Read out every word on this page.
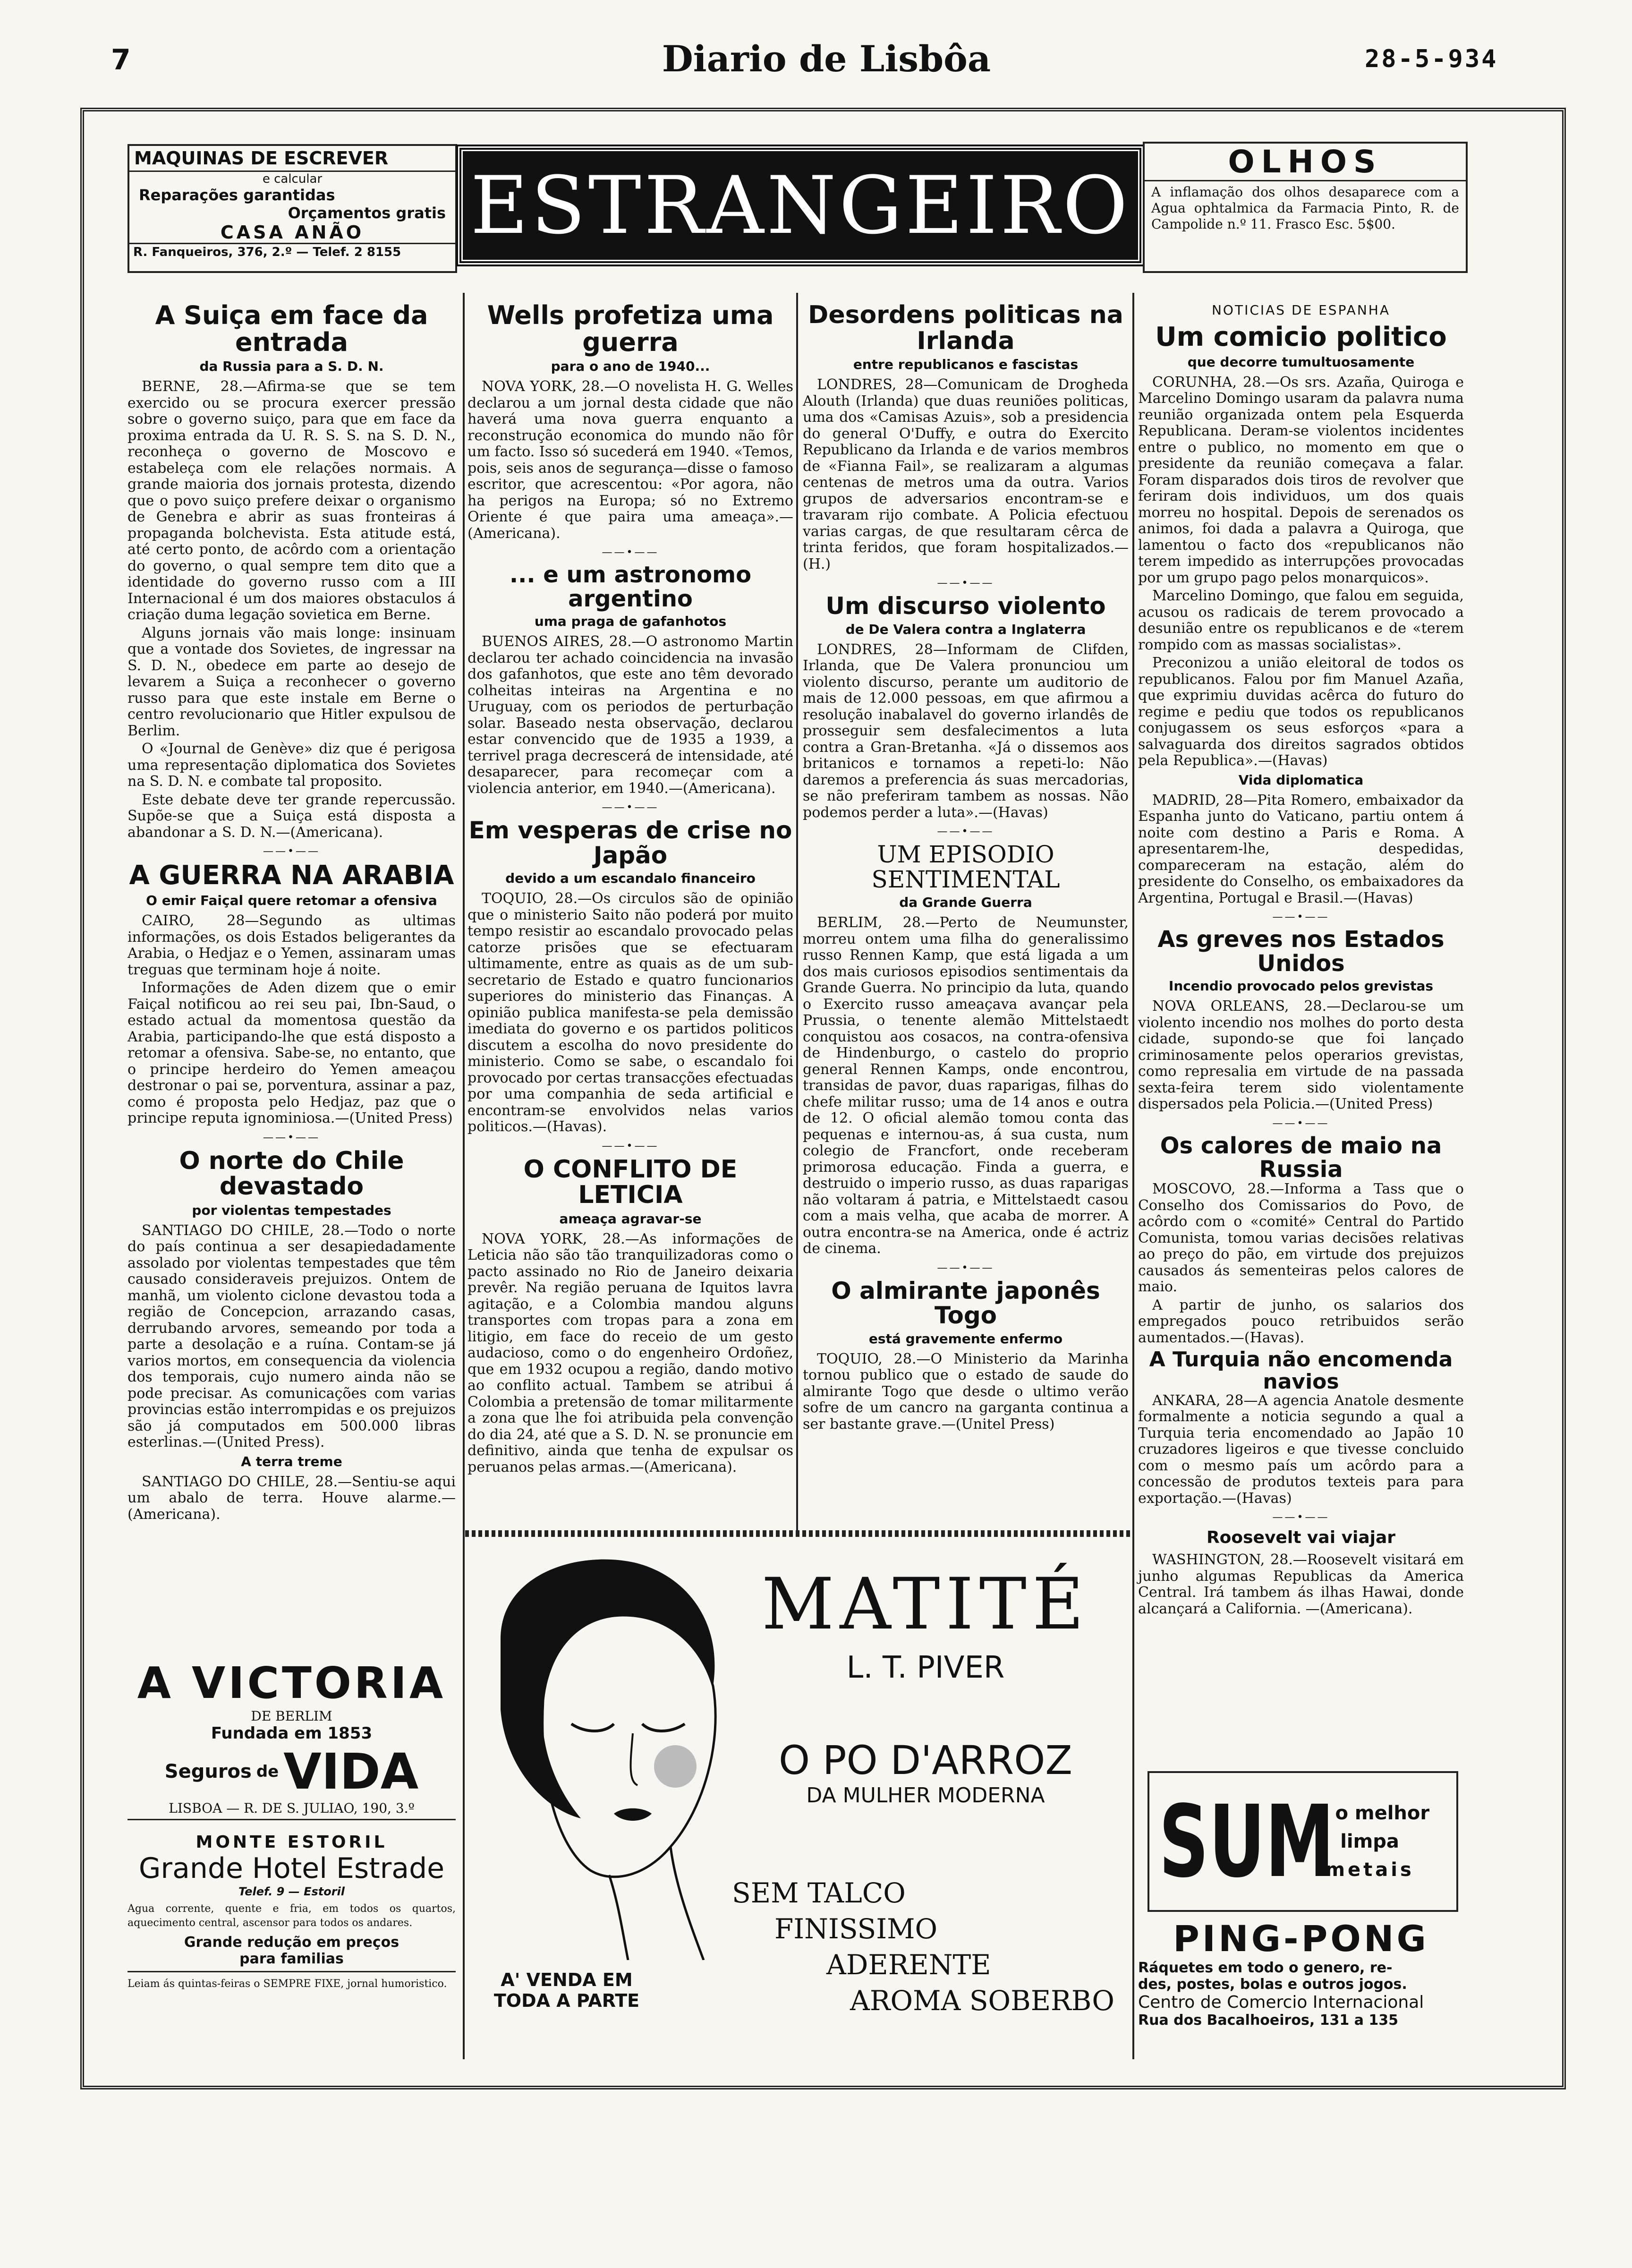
7	Diario de Lisbôa	28-5-934
MAQUINAS DE ESCREVER
e calcular
Reparações garantidas
Orçamentos gratis
CASA ANÃO
R. Fanqueiros, 376, 2.º — Telef. 2 8155
ESTRANGEIRO	OLHOS
A inflamação dos olhos desaparece com a Agua ophtalmica da Farmacia Pinto, R. de Campolide n.º 11. Frasco Esc. 5$00.
A Suiça em face da entrada
da Russia para a S. D. N.

BERNE, 28.—Afirma-se que se tem exercido ou se procura exercer pressão sobre o governo suiço, para que em face da proxima entrada da U. R. S. S. na S. D. N., reconheça o governo de Moscovo e estabeleça com ele relações normais. A grande maioria dos jornais protesta, dizendo que o povo suiço prefere deixar o organismo de Genebra e abrir as suas fronteiras á propaganda bolchevista. Esta atitude está, até certo ponto, de acôrdo com a orientação do governo, o qual sempre tem dito que a identidade do governo russo com a III Internacional é um dos maiores obstaculos á criação duma legação sovietica em Berne.

Alguns jornais vão mais longe: insinuam que a vontade dos Sovietes, de ingressar na S. D. N., obedece em parte ao desejo de levarem a Suiça a reconhecer o governo russo para que este instale em Berne o centro revolucionario que Hitler expulsou de Berlim.

O «Journal de Genève» diz que é perigosa uma representação diplomatica dos Sovietes na S. D. N. e combate tal proposito.

Este debate deve ter grande repercussão. Supõe-se que a Suiça está disposta a abandonar a S. D. N.—(Americana).

——•——
A GUERRA NA ARABIA
O emir Faiçal quere retomar a ofensiva

CAIRO, 28—Segundo as ultimas informações, os dois Estados beligerantes da Arabia, o Hedjaz e o Yemen, assinaram umas treguas que terminam hoje á noite.

Informações de Aden dizem que o emir Faiçal notificou ao rei seu pai, Ibn-Saud, o estado actual da momentosa questão da Arabia, participando-lhe que está disposto a retomar a ofensiva. Sabe-se, no entanto, que o principe herdeiro do Yemen ameaçou destronar o pai se, porventura, assinar a paz, como é proposta pelo Hedjaz, paz que o principe reputa ignominiosa.—(United Press)

——•——
O norte do Chile devastado
por violentas tempestades

SANTIAGO DO CHILE, 28.—Todo o norte do país continua a ser desapiedadamente assolado por violentas tempestades que têm causado consideraveis prejuizos. Ontem de manhã, um violento ciclone devastou toda a região de Concepcion, arrazando casas, derrubando arvores, semeando por toda a parte a desolação e a ruína. Contam-se já varios mortos, em consequencia da violencia dos temporais, cujo numero ainda não se pode precisar. As comunicações com varias provincias estão interrompidas e os prejuizos são já computados em 500.000 libras esterlinas.—(United Press).

A terra treme

SANTIAGO DO CHILE, 28.—Sentiu-se aqui um abalo de terra. Houve alarme.—(Americana).

A VICTORIA
DE BERLIM
Fundada em 1853
Seguros de VIDA
LISBOA — R. DE S. JULIAO, 190, 3.º
MONTE ESTORIL
Grande Hotel Estrade
Telef. 9 — Estoril
Agua corrente, quente e fria, em todos os quartos, aquecimento central, ascensor para todos os andares.
Grande redução em preços
para familias
Leiam ás quintas-feiras o SEMPRE FIXE, jornal humoristico.
Wells profetiza uma guerra
para o ano de 1940...

NOVA YORK, 28.—O novelista H. G. Welles declarou a um jornal desta cidade que não haverá uma nova guerra enquanto a reconstrução economica do mundo não fôr um facto. Isso só sucederá em 1940. «Temos, pois, seis anos de segurança—disse o famoso escritor, que acrescentou: «Por agora, não ha perigos na Europa; só no Extremo Oriente é que paira uma ameaça».—(Americana).

——•——
... e um astronomo argentino
uma praga de gafanhotos

BUENOS AIRES, 28.—O astronomo Martin declarou ter achado coincidencia na invasão dos gafanhotos, que este ano têm devorado colheitas inteiras na Argentina e no Uruguay, com os periodos de perturbação solar. Baseado nesta observação, declarou estar convencido que de 1935 a 1939, a terrivel praga decrescerá de intensidade, até desaparecer, para recomeçar com a violencia anterior, em 1940.—(Americana).

——•——
Em vesperas de crise no Japão
devido a um escandalo financeiro

TOQUIO, 28.—Os circulos são de opinião que o ministerio Saito não poderá por muito tempo resistir ao escandalo provocado pelas catorze prisões que se efectuaram ultimamente, entre as quais as de um sub-secretario de Estado e quatro funcionarios superiores do ministerio das Finanças. A opinião publica manifesta-se pela demissão imediata do governo e os partidos politicos discutem a escolha do novo presidente do ministerio. Como se sabe, o escandalo foi provocado por certas transacções efectuadas por uma companhia de seda artificial e encontram-se envolvidos nelas varios politicos.—(Havas).

——•——
O CONFLITO DE LETICIA
ameaça agravar-se

NOVA YORK, 28.—As informações de Leticia não são tão tranquilizadoras como o pacto assinado no Rio de Janeiro deixaria prevêr. Na região peruana de Iquitos lavra agitação, e a Colombia mandou alguns transportes com tropas para a zona em litigio, em face do receio de um gesto audacioso, como o do engenheiro Ordoñez, que em 1932 ocupou a região, dando motivo ao conflito actual. Tambem se atribui á Colombia a pretensão de tomar militarmente a zona que lhe foi atribuida pela convenção do dia 24, até que a S. D. N. se pronuncie em definitivo, ainda que tenha de expulsar os peruanos pelas armas.—(Americana).

Desordens politicas na Irlanda
entre republicanos e fascistas

LONDRES, 28—Comunicam de Drogheda Alouth (Irlanda) que duas reuniões politicas, uma dos «Camisas Azuis», sob a presidencia do general O'Duffy, e outra do Exercito Republicano da Irlanda e de varios membros de «Fianna Fail», se realizaram a algumas centenas de metros uma da outra. Varios grupos de adversarios encontram-se e travaram rijo combate. A Policia efectuou varias cargas, de que resultaram cêrca de trinta feridos, que foram hospitalizados.—(H.)

——•——
Um discurso violento
de De Valera contra a Inglaterra

LONDRES, 28—Informam de Clifden, Irlanda, que De Valera pronunciou um violento discurso, perante um auditorio de mais de 12.000 pessoas, em que afirmou a resolução inabalavel do governo irlandês de prosseguir sem desfalecimentos a luta contra a Gran-Bretanha. «Já o dissemos aos britanicos e tornamos a repeti-lo: Não daremos a preferencia ás suas mercadorias, se não preferiram tambem as nossas. Não podemos perder a luta».—(Havas)

——•——
UM EPISODIO SENTIMENTAL
da Grande Guerra

BERLIM, 28.—Perto de Neumunster, morreu ontem uma filha do generalissimo russo Rennen Kamp, que está ligada a um dos mais curiosos episodios sentimentais da Grande Guerra. No principio da luta, quando o Exercito russo ameaçava avançar pela Prussia, o tenente alemão Mittelstaedt conquistou aos cosacos, na contra-ofensiva de Hindenburgo, o castelo do proprio general Rennen Kamps, onde encontrou, transidas de pavor, duas raparigas, filhas do chefe militar russo; uma de 14 anos e outra de 12. O oficial alemão tomou conta das pequenas e internou-as, á sua custa, num colegio de Francfort, onde receberam primorosa educação. Finda a guerra, e destruido o imperio russo, as duas raparigas não voltaram á patria, e Mittelstaedt casou com a mais velha, que acaba de morrer. A outra encontra-se na America, onde é actriz de cinema.

——•——
O almirante japonês Togo
está gravemente enfermo

TOQUIO, 28.—O Ministerio da Marinha tornou publico que o estado de saude do almirante Togo que desde o ultimo verão sofre de um cancro na garganta continua a ser bastante grave.—(Unitel Press)

NOTICIAS DE ESPANHA
Um comicio politico
que decorre tumultuosamente

CORUNHA, 28.—Os srs. Azaña, Quiroga e Marcelino Domingo usaram da palavra numa reunião organizada ontem pela Esquerda Republicana. Deram-se violentos incidentes entre o publico, no momento em que o presidente da reunião começava a falar. Foram disparados dois tiros de revolver que feriram dois individuos, um dos quais morreu no hospital. Depois de serenados os animos, foi dada a palavra a Quiroga, que lamentou o facto dos «republicanos não terem impedido as interrupções provocadas por um grupo pago pelos monarquicos».

Marcelino Domingo, que falou em seguida, acusou os radicais de terem provocado a desunião entre os republicanos e de «terem rompido com as massas socialistas».

Preconizou a união eleitoral de todos os republicanos. Falou por fim Manuel Azaña, que exprimiu duvidas acêrca do futuro do regime e pediu que todos os republicanos conjugassem os seus esforços «para a salvaguarda dos direitos sagrados obtidos pela Republica».—(Havas)

Vida diplomatica

MADRID, 28—Pita Romero, embaixador da Espanha junto do Vaticano, partiu ontem á noite com destino a Paris e Roma. A apresentarem-lhe, despedidas, compareceram na estação, além do presidente do Conselho, os embaixadores da Argentina, Portugal e Brasil.—(Havas)

——•——
As greves nos Estados Unidos
Incendio provocado pelos grevistas

NOVA ORLEANS, 28.—Declarou-se um violento incendio nos molhes do porto desta cidade, supondo-se que foi lançado criminosamente pelos operarios grevistas, como represalia em virtude de na passada sexta-feira terem sido violentamente dispersados pela Policia.—(United Press)

——•——
Os calores de maio na Russia

MOSCOVO, 28.—Informa a Tass que o Conselho dos Comissarios do Povo, de acôrdo com o «comité» Central do Partido Comunista, tomou varias decisões relativas ao preço do pão, em virtude dos prejuizos causados ás sementeiras pelos calores de maio.

A partir de junho, os salarios dos empregados pouco retribuidos serão aumentados.—(Havas).

A Turquia não encomenda navios

ANKARA, 28—A agencia Anatole desmente formalmente a noticia segundo a qual a Turquia teria encomendado ao Japão 10 cruzadores ligeiros e que tivesse concluido com o mesmo país um acôrdo para a concessão de produtos texteis para para exportação.—(Havas)

——•——
Roosevelt vai viajar

WASHINGTON, 28.—Roosevelt visitará em junho algumas Republicas da America Central. Irá tambem ás ilhas Hawai, donde alcançará a California. —(Americana).

SUM
E' o melhor
limpa
metais
PING-PONG
Ráquetes em todo o genero, re-
des, postes, bolas e outros jogos.
Centro de Comercio Internacional
Rua dos Bacalhoeiros, 131 a 135
A' VENDA EM
TODA A PARTE
MATITÉ
L. T. PIVER
O PO D'ARROZ
DA MULHER MODERNA
SEM TALCO
FINISSIMO
ADERENTE
AROMA SOBERBO
